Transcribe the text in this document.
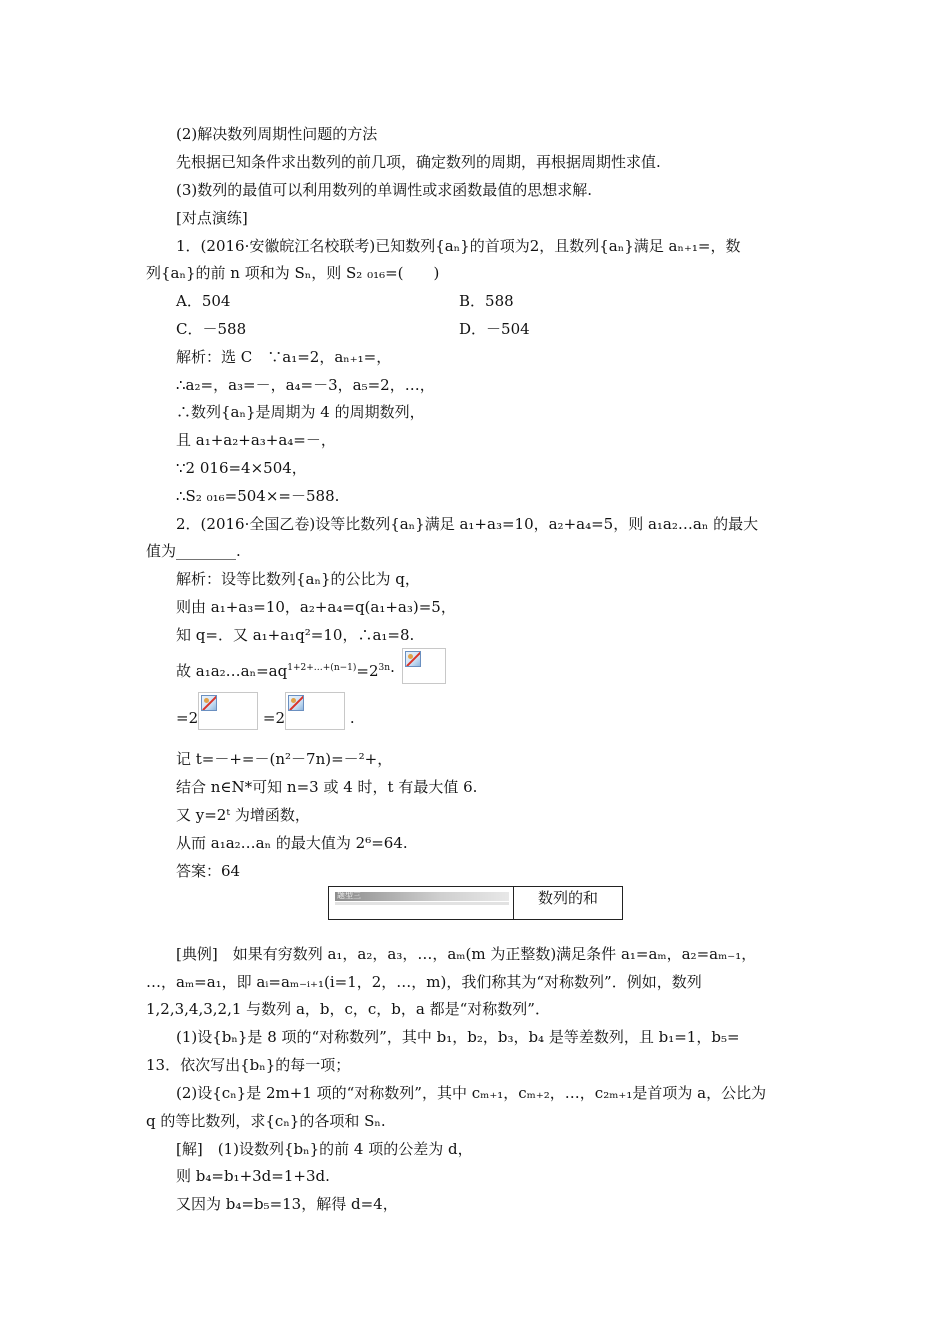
(2)解决数列周期性问题的方法
先根据已知条件求出数列的前几项，确定数列的周期，再根据周期性求值.
(3)数列的最值可以利用数列的单调性或求函数最值的思想求解.
[对点演练]
1．(2016·安徽皖江名校联考)已知数列{aₙ}的首项为2，且数列{aₙ}满足 aₙ₊₁=，数
列{aₙ}的前 n 项和为 Sₙ，则 S₂ ₀₁₆=(　　)
A．504	B．588
C．－588	D．－504
解析：选 C　∵a₁=2，aₙ₊₁=，
∴a₂=，a₃=－，a₄=－3，a₅=2，…，
∴数列{aₙ}是周期为 4 的周期数列，
且 a₁+a₂+a₃+a₄=－，
∵2 016=4×504，
∴S₂ ₀₁₆=504×=－588.
2．(2016·全国乙卷)设等比数列{aₙ}满足 a₁+a₃=10，a₂+a₄=5，则 a₁a₂…aₙ 的最大
值为________.
解析：设等比数列{aₙ}的公比为 q，
则由 a₁+a₃=10，a₂+a₄=q(a₁+a₃)=5，
知 q=．又 a₁+a₁q²=10，∴a₁=8.
故 $a_1a_2\dots a_n=aq^{1+2+\dots+(n-1)}=2^{3n}\cdot$
=2	=2	.
记 t=－+=－(n²－7n)=－²+，
结合 n∈N*可知 n=3 或 4 时，t 有最大值 6.
又 y=2ᵗ 为增函数，
从而 a₁a₂…aₙ 的最大值为 2⁶=64.
答案：64
题型三	数列的和
[典例]　如果有穷数列 a₁，a₂，a₃，…，aₘ(m 为正整数)满足条件 a₁=aₘ，a₂=aₘ₋₁，
…，aₘ=a₁，即 aᵢ=aₘ₋ᵢ₊₁(i=1，2，…，m)，我们称其为“对称数列”．例如，数列
1,2,3,4,3,2,1 与数列 a，b，c，c，b，a 都是“对称数列”．
(1)设{bₙ}是 8 项的“对称数列”，其中 b₁，b₂，b₃，b₄ 是等差数列，且 b₁=1，b₅=
13．依次写出{bₙ}的每一项；
(2)设{cₙ}是 2m+1 项的“对称数列”，其中 cₘ₊₁，cₘ₊₂，…，c₂ₘ₊₁是首项为 a，公比为
q 的等比数列，求{cₙ}的各项和 Sₙ.
[解]　(1)设数列{bₙ}的前 4 项的公差为 d，
则 b₄=b₁+3d=1+3d.
又因为 b₄=b₅=13，解得 d=4，
